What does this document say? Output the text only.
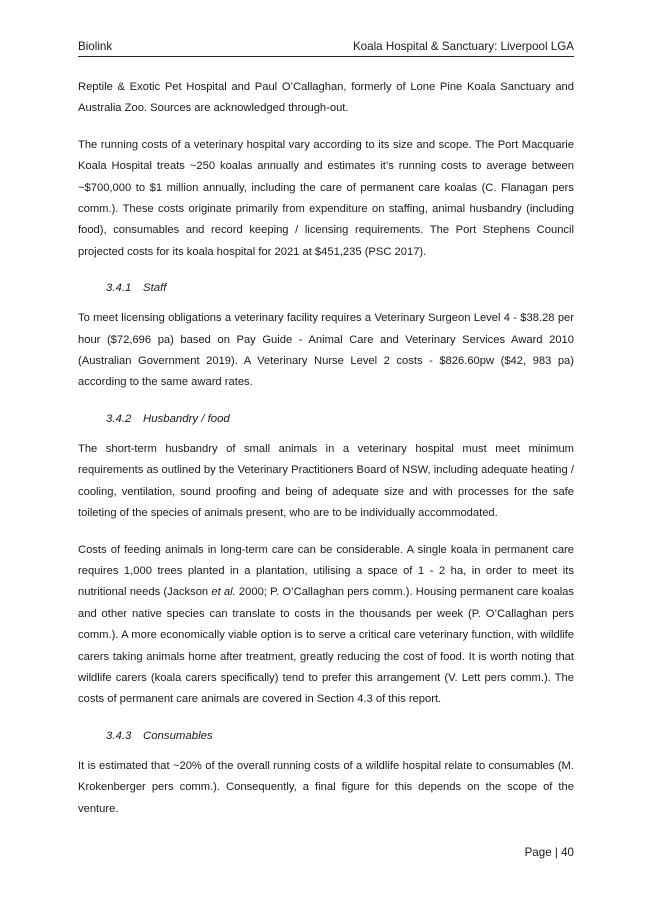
Biolink	Koala Hospital & Sanctuary: Liverpool LGA

Reptile & Exotic Pet Hospital and Paul O’Callaghan, formerly of Lone Pine Koala Sanctuary and Australia Zoo. Sources are acknowledged through-out.

The running costs of a veterinary hospital vary according to its size and scope. The Port Macquarie Koala Hospital treats ~250 koalas annually and estimates it’s running costs to average between ~$700,000 to $1 million annually, including the care of permanent care koalas (C. Flanagan pers comm.). These costs originate primarily from expenditure on staffing, animal husbandry (including food), consumables and record keeping / licensing requirements. The Port Stephens Council projected costs for its koala hospital for 2021 at $451,235 (PSC 2017).

3.4.1 Staff

To meet licensing obligations a veterinary facility requires a Veterinary Surgeon Level 4 - $38.28 per hour ($72,696 pa) based on Pay Guide - Animal Care and Veterinary Services Award 2010 (Australian Government 2019). A Veterinary Nurse Level 2 costs - $826.60pw ($42, 983 pa) according to the same award rates.

3.4.2 Husbandry / food

The short-term husbandry of small animals in a veterinary hospital must meet minimum requirements as outlined by the Veterinary Practitioners Board of NSW, including adequate heating / cooling, ventilation, sound proofing and being of adequate size and with processes for the safe toileting of the species of animals present, who are to be individually accommodated.

Costs of feeding animals in long-term care can be considerable. A single koala in permanent care requires 1,000 trees planted in a plantation, utilising a space of 1 - 2 ha, in order to meet its nutritional needs (Jackson et al. 2000; P. O’Callaghan pers comm.). Housing permanent care koalas and other native species can translate to costs in the thousands per week (P. O’Callaghan pers comm.). A more economically viable option is to serve a critical care veterinary function, with wildlife carers taking animals home after treatment, greatly reducing the cost of food. It is worth noting that wildlife carers (koala carers specifically) tend to prefer this arrangement (V. Lett pers comm.). The costs of permanent care animals are covered in Section 4.3 of this report.

3.4.3 Consumables

It is estimated that ~20% of the overall running costs of a wildlife hospital relate to consumables (M. Krokenberger pers comm.). Consequently, a final figure for this depends on the scope of the venture.

Page | 40
